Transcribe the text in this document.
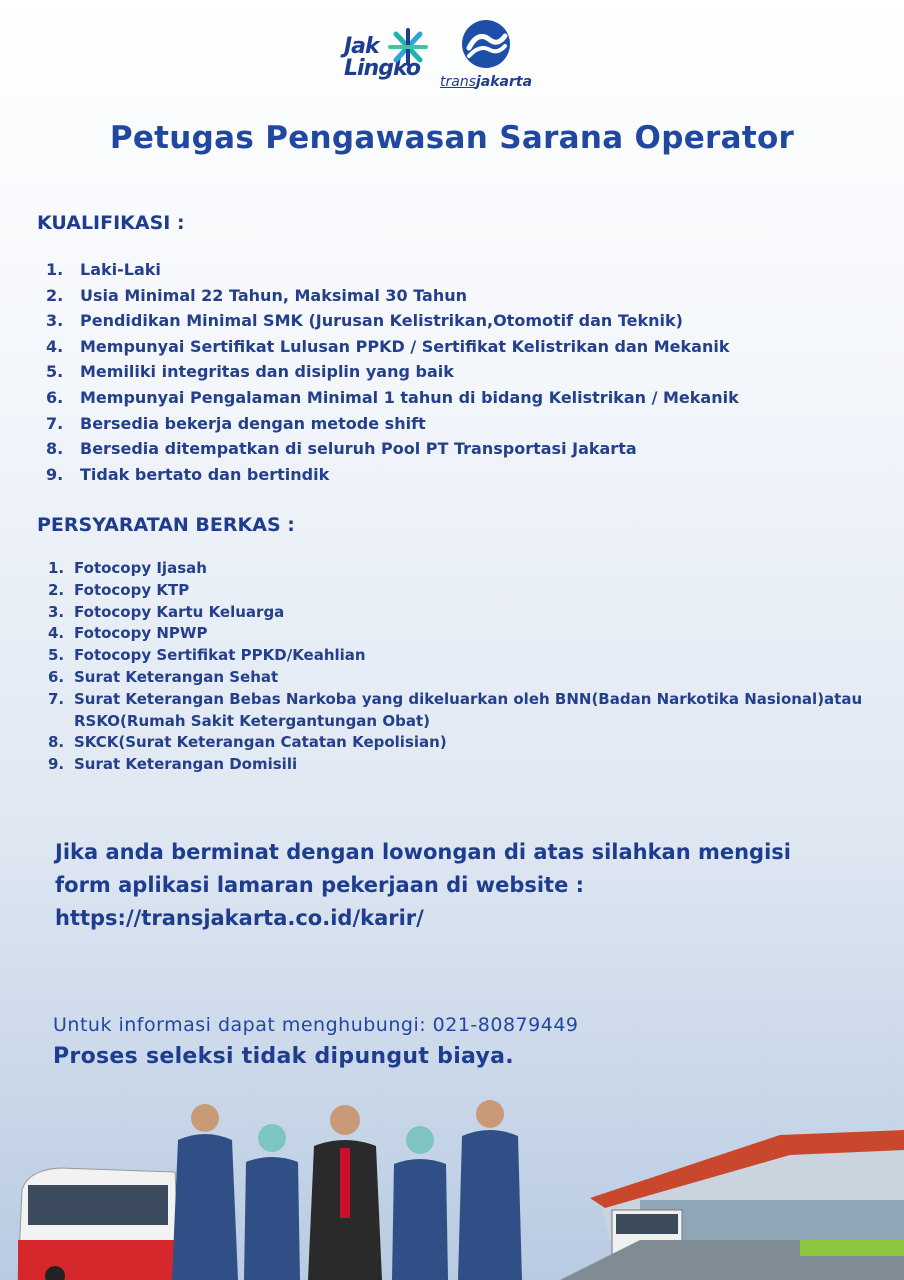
Jak
Lingko
transjakarta
Petugas Pengawasan Sarana Operator
KUALIFIKASI :
1. Laki-Laki
2. Usia Minimal 22 Tahun, Maksimal 30 Tahun
3. Pendidikan Minimal SMK (Jurusan Kelistrikan,Otomotif dan Teknik)
4. Mempunyai Sertifikat Lulusan PPKD / Sertifikat Kelistrikan dan Mekanik
5. Memiliki integritas dan disiplin yang baik
6. Mempunyai Pengalaman Minimal 1 tahun di bidang Kelistrikan / Mekanik
7. Bersedia bekerja dengan metode shift
8. Bersedia ditempatkan di seluruh Pool PT Transportasi Jakarta
9. Tidak bertato dan bertindik
PERSYARATAN BERKAS :
1. Fotocopy Ijasah
2. Fotocopy KTP
3. Fotocopy Kartu Keluarga
4. Fotocopy NPWP
5. Fotocopy Sertifikat PPKD/Keahlian
6. Surat Keterangan Sehat
7. Surat Keterangan Bebas Narkoba yang dikeluarkan oleh BNN(Badan Narkotika Nasional)atau RSKO(Rumah Sakit Ketergantungan Obat)
8. SKCK(Surat Keterangan Catatan Kepolisian)
9. Surat Keterangan Domisili
Jika anda berminat dengan lowongan di atas silahkan mengisi
form aplikasi lamaran pekerjaan di website :
https://transjakarta.co.id/karir/
Untuk informasi dapat menghubungi: 021-80879449
Proses seleksi tidak dipungut biaya.
